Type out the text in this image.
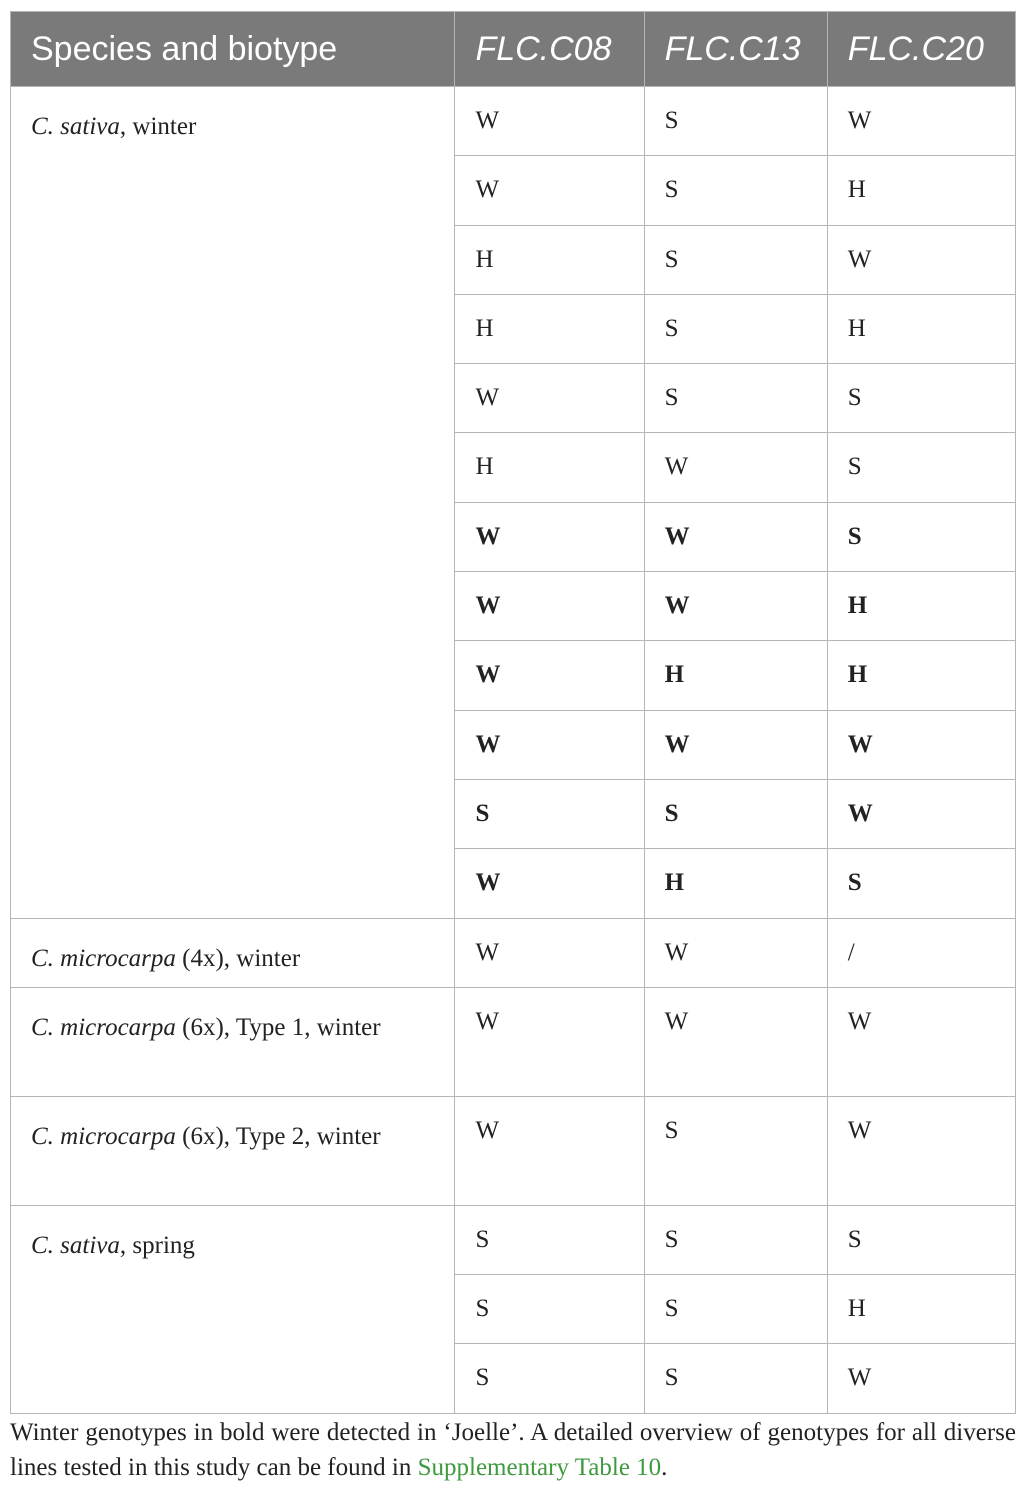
Species and biotype	FLC.C08	FLC.C13	FLC.C20
C. sativa, winter	W	S	W
	W	S	H
	H	S	W
	H	S	H
	W	S	S
	H	W	S
	W	W	S
	W	W	H
	W	H	H
	W	W	W
	S	S	W
	W	H	S
C. microcarpa (4x), winter	W	W	/
C. microcarpa (6x), Type 1, winter	W	W	W
C. microcarpa (6x), Type 2, winter	W	S	W
C. sativa, spring	S	S	S
	S	S	H
	S	S	W
Winter genotypes in bold were detected in ‘Joelle’. A detailed overview of genotypes for all diverse lines tested in this study can be found in Supplementary Table 10.
